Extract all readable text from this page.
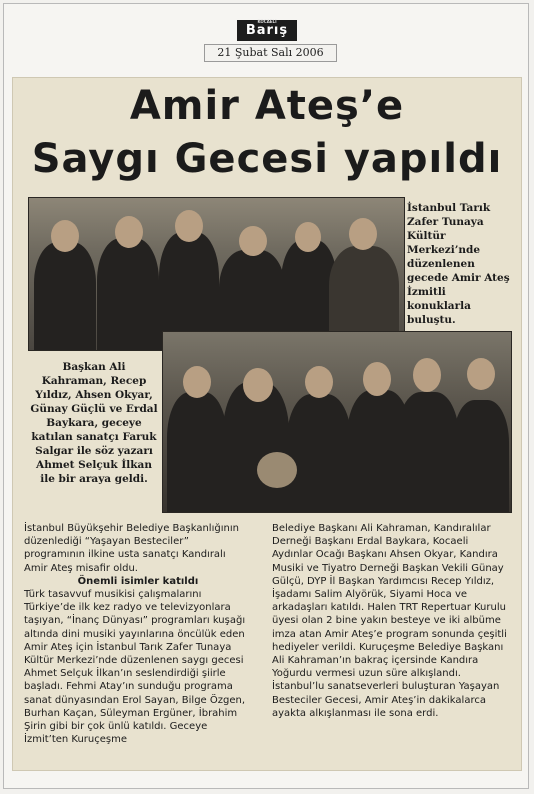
KOCAELİ
Barış
21 Şubat Salı 2006
Amir Ateş’e
Saygı Gecesi yapıldı
İstanbul Tarık Zafer Tunaya Kültür Merkezi’nde düzenlenen gecede Amir Ateş İzmitli konuklarla buluştu.
Başkan Ali Kahraman, Recep Yıldız, Ahsen Okyar, Günay Güçlü ve Erdal Baykara, geceye katılan sanatçı Faruk Salgar ile söz yazarı Ahmet Selçuk İlkan ile bir araya geldi.

İstanbul Büyükşehir Belediye Başkanlığının düzenlediği “Yaşayan Besteciler” programının ilkine usta sanatçı Kandıralı Amir Ateş misafir oldu.

Önemli isimler katıldı

Türk tasavvuf musikisi çalışmalarını Türkiye’de ilk kez radyo ve televizyonlara taşıyan, “İnanç Dünyası” programları kuşağı altında dini musiki yayınlarına öncülük eden Amir Ateş için İstanbul Tarık Zafer Tunaya Kültür Merkezi’nde düzenlenen saygı gecesi Ahmet Selçuk İlkan’ın seslendirdiği şiirle başladı. Fehmi Atay’ın sunduğu programa sanat dünyasından Erol Sayan, Bilge Özgen, Burhan Kaçan, Süleyman Ergüner, İbrahim Şirin gibi bir çok ünlü katıldı. Geceye İzmit’ten Kuruçeşme

Belediye Başkanı Ali Kahraman, Kandıralılar Derneği Başkanı Erdal Baykara, Kocaeli Aydınlar Ocağı Başkanı Ahsen Okyar, Kandıra Musiki ve Tiyatro Derneği Başkan Vekili Günay Gülçü, DYP İl Başkan Yardımcısı Recep Yıldız, İşadamı Salim Alyörük, Siyami Hoca ve arkadaşları katıldı. Halen TRT Repertuar Kurulu üyesi olan 2 bine yakın besteye ve iki albüme imza atan Amir Ateş’e program sonunda çeşitli hediyeler verildi. Kuruçeşme Belediye Başkanı Ali Kahraman’ın bakraç içersinde Kandıra Yoğurdu vermesi uzun süre alkışlandı. İstanbul’lu sanatseverleri buluşturan Yaşayan Besteciler Gecesi, Amir Ateş’in dakikalarca ayakta alkışlanması ile sona erdi.
